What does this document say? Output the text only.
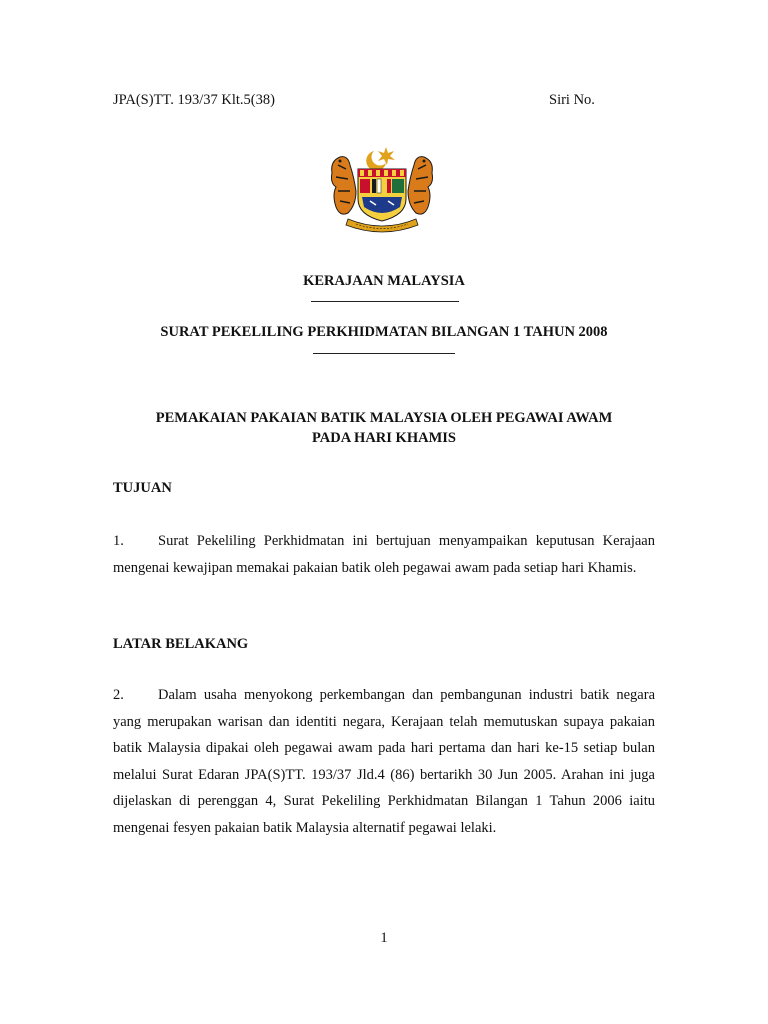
JPA(S)TT. 193/37 Klt.5(38)	Siri No.
KERAJAAN MALAYSIA
SURAT PEKELILING PERKHIDMATAN BILANGAN 1 TAHUN 2008
PEMAKAIAN PAKAIAN BATIK MALAYSIA OLEH PEGAWAI AWAM
PADA HARI KHAMIS
TUJUAN
1. Surat Pekeliling Perkhidmatan ini bertujuan menyampaikan keputusan Kerajaan mengenai kewajipan memakai pakaian batik oleh pegawai awam pada setiap hari Khamis.
LATAR BELAKANG
2. Dalam usaha menyokong perkembangan dan pembangunan industri batik negara yang merupakan warisan dan identiti negara, Kerajaan telah memutuskan supaya pakaian batik Malaysia dipakai oleh pegawai awam pada hari pertama dan hari ke-15 setiap bulan melalui Surat Edaran JPA(S)TT. 193/37 Jld.4 (86) bertarikh 30 Jun 2005. Arahan ini juga dijelaskan di perenggan 4, Surat Pekeliling Perkhidmatan Bilangan 1 Tahun 2006 iaitu mengenai fesyen pakaian batik Malaysia alternatif pegawai lelaki.
1
